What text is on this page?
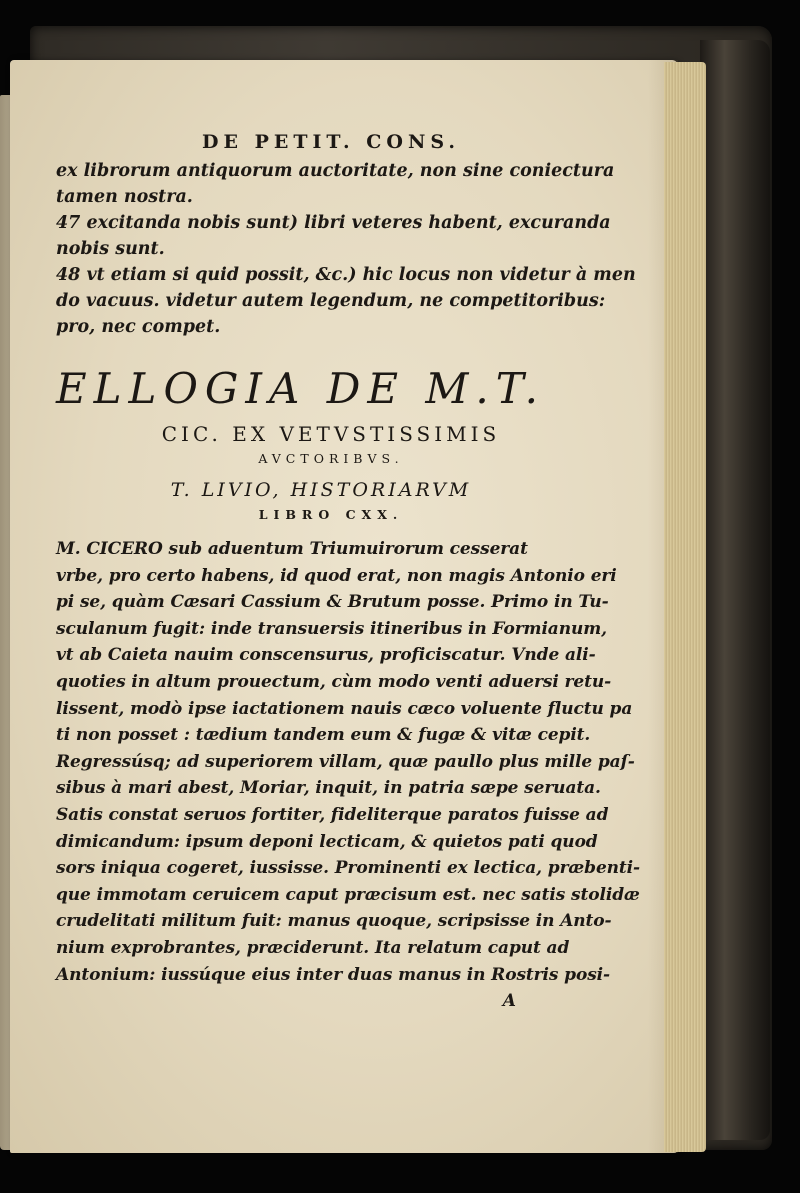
DE PETIT. CONS.
ex librorum antiquorum auctoritate, non sine coniectura
tamen nostra.
47 excitanda nobis sunt) libri veteres habent, excuranda
nobis sunt.
48 vt etiam si quid possit, &c.) hic locus non videtur à men
do vacuus. videtur autem legendum, ne competitoribus:
pro, nec compet.
ELLOGIA DE M.T.
CIC. EX VETVSTISSIMIS
AVCTORIBVS.
T. LIVIO, HISTORIARVM
LIBRO CXX.
M. CICERO sub aduentum Triumuirorum cesserat
vrbe, pro certo habens, id quod erat, non magis Antonio eri
pi se, quàm Cæsari Cassium & Brutum posse. Primo in Tu-
sculanum fugit: inde transuersis itineribus in Formianum,
vt ab Caieta nauim conscensurus, proficiscatur. Vnde ali-
quoties in altum prouectum, cùm modo venti aduersi retu-
lissent, modò ipse iactationem nauis cæco voluente fluctu pa
ti non posset : tædium tandem eum & fugæ & vitæ cepit.
Regressúsq; ad superiorem villam, quæ paullo plus mille paſ-
sibus à mari abest, Moriar, inquit, in patria sæpe seruata.
Satis constat seruos fortiter, fideliterque paratos fuisse ad
dimicandum: ipsum deponi lecticam, & quietos pati quod
sors iniqua cogeret, iussisse. Prominenti ex lectica, præbenti-
que immotam ceruicem caput præcisum est. nec satis stolidæ
crudelitati militum fuit: manus quoque, scripsisse in Anto-
nium exprobrantes, præciderunt. Ita relatum caput ad
Antonium: iussúque eius inter duas manus in Rostris posi-
A
